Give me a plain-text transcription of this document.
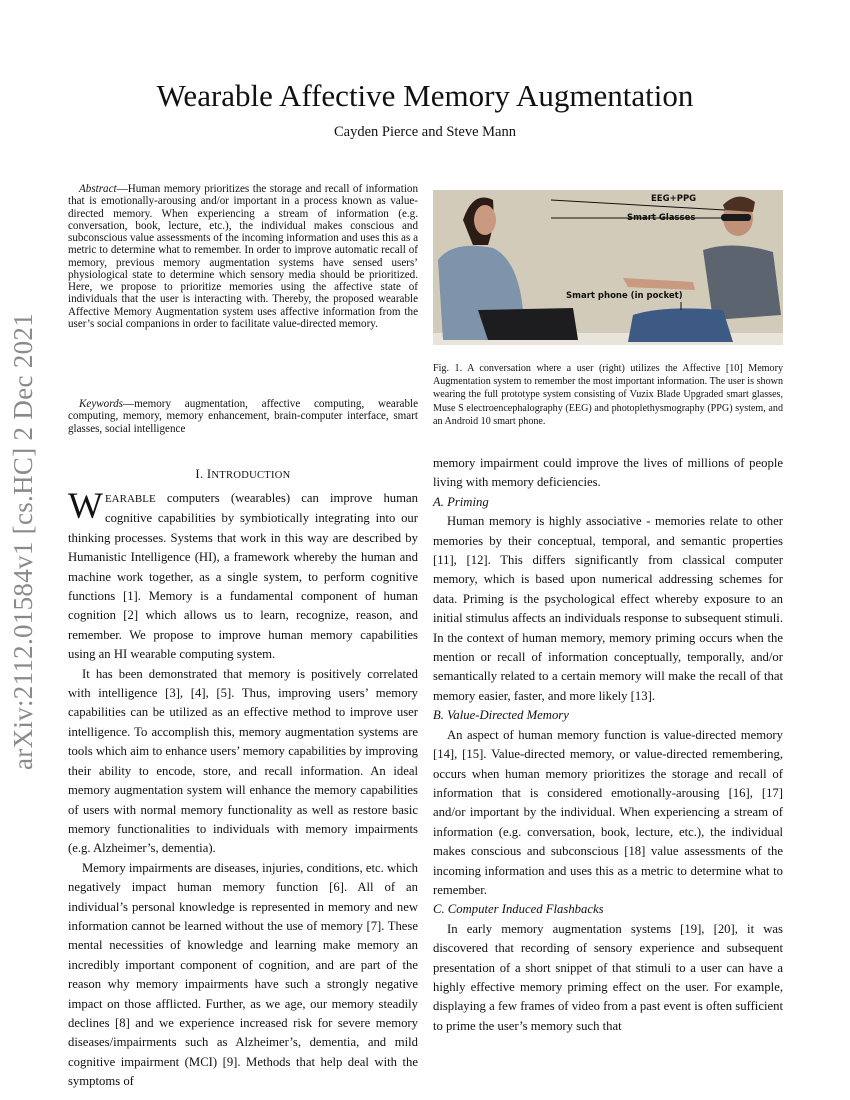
Wearable Affective Memory Augmentation
Cayden Pierce and Steve Mann
arXiv:2112.01584v1 [cs.HC] 2 Dec 2021
Abstract—Human memory prioritizes the storage and recall of information that is emotionally-arousing and/or important in a process known as value-directed memory. When experiencing a stream of information (e.g. conversation, book, lecture, etc.), the individual makes conscious and subconscious value assessments of the incoming information and uses this as a metric to determine what to remember. In order to improve automatic recall of memory, previous memory augmentation systems have sensed users’ physiological state to determine which sensory media should be prioritized. Here, we propose to prioritize memories using the affective state of individuals that the user is interacting with. Thereby, the proposed wearable Affective Memory Augmentation system uses affective information from the user’s social companions in order to facilitate value-directed memory.
Keywords—memory augmentation, affective computing, wearable computing, memory, memory enhancement, brain-computer interface, smart glasses, social intelligence
EEG+PPG
Smart Glasses
Smart phone (in pocket)
Fig. 1. A conversation where a user (right) utilizes the Affective [10] Memory Augmentation system to remember the most important information. The user is shown wearing the full prototype system consisting of Vuzix Blade Upgraded smart glasses, Muse S electroencephalography (EEG) and photoplethysmography (PPG) system, and an Android 10 smart phone.
I. INTRODUCTION

WEARABLE computers (wearables) can improve human cognitive capabilities by symbiotically integrating into our thinking processes. Systems that work in this way are described by Humanistic Intelligence (HI), a framework whereby the human and machine work together, as a single system, to perform cognitive functions [1]. Memory is a fundamental component of human cognition [2] which allows us to learn, recognize, reason, and remember. We propose to improve human memory capabilities using an HI wearable computing system.

It has been demonstrated that memory is positively correlated with intelligence [3], [4], [5]. Thus, improving users’ memory capabilities can be utilized as an effective method to improve user intelligence. To accomplish this, memory augmentation systems are tools which aim to enhance users’ memory capabilities by improving their ability to encode, store, and recall information. An ideal memory augmentation system will enhance the memory capabilities of users with normal memory functionality as well as restore basic memory functionalities to individuals with memory impairments (e.g. Alzheimer’s, dementia).

Memory impairments are diseases, injuries, conditions, etc. which negatively impact human memory function [6]. All of an individual’s personal knowledge is represented in memory and new information cannot be learned without the use of memory [7]. These mental necessities of knowledge and learning make memory an incredibly important component of cognition, and are part of the reason why memory impairments have such a strongly negative impact on those afflicted. Further, as we age, our memory steadily declines [8] and we experience increased risk for severe memory diseases/impairments such as Alzheimer’s, dementia, and mild cognitive impairment (MCI) [9]. Methods that help deal with the symptoms of

memory impairment could improve the lives of millions of people living with memory deficiencies.

A. Priming

Human memory is highly associative - memories relate to other memories by their conceptual, temporal, and semantic properties [11], [12]. This differs significantly from classical computer memory, which is based upon numerical addressing schemes for data. Priming is the psychological effect whereby exposure to an initial stimulus affects an individuals response to subsequent stimuli. In the context of human memory, memory priming occurs when the mention or recall of information conceptually, temporally, and/or semantically related to a certain memory will make the recall of that memory easier, faster, and more likely [13].

B. Value-Directed Memory

An aspect of human memory function is value-directed memory [14], [15]. Value-directed memory, or value-directed remembering, occurs when human memory prioritizes the storage and recall of information that is considered emotionally-arousing [16], [17] and/or important by the individual. When experiencing a stream of information (e.g. conversation, book, lecture, etc.), the individual makes conscious and subconscious [18] value assessments of the incoming information and uses this as a metric to determine what to remember.

C. Computer Induced Flashbacks

In early memory augmentation systems [19], [20], it was discovered that recording of sensory experience and subsequent presentation of a short snippet of that stimuli to a user can have a highly effective memory priming effect on the user. For example, displaying a few frames of video from a past event is often sufficient to prime the user’s memory such that
